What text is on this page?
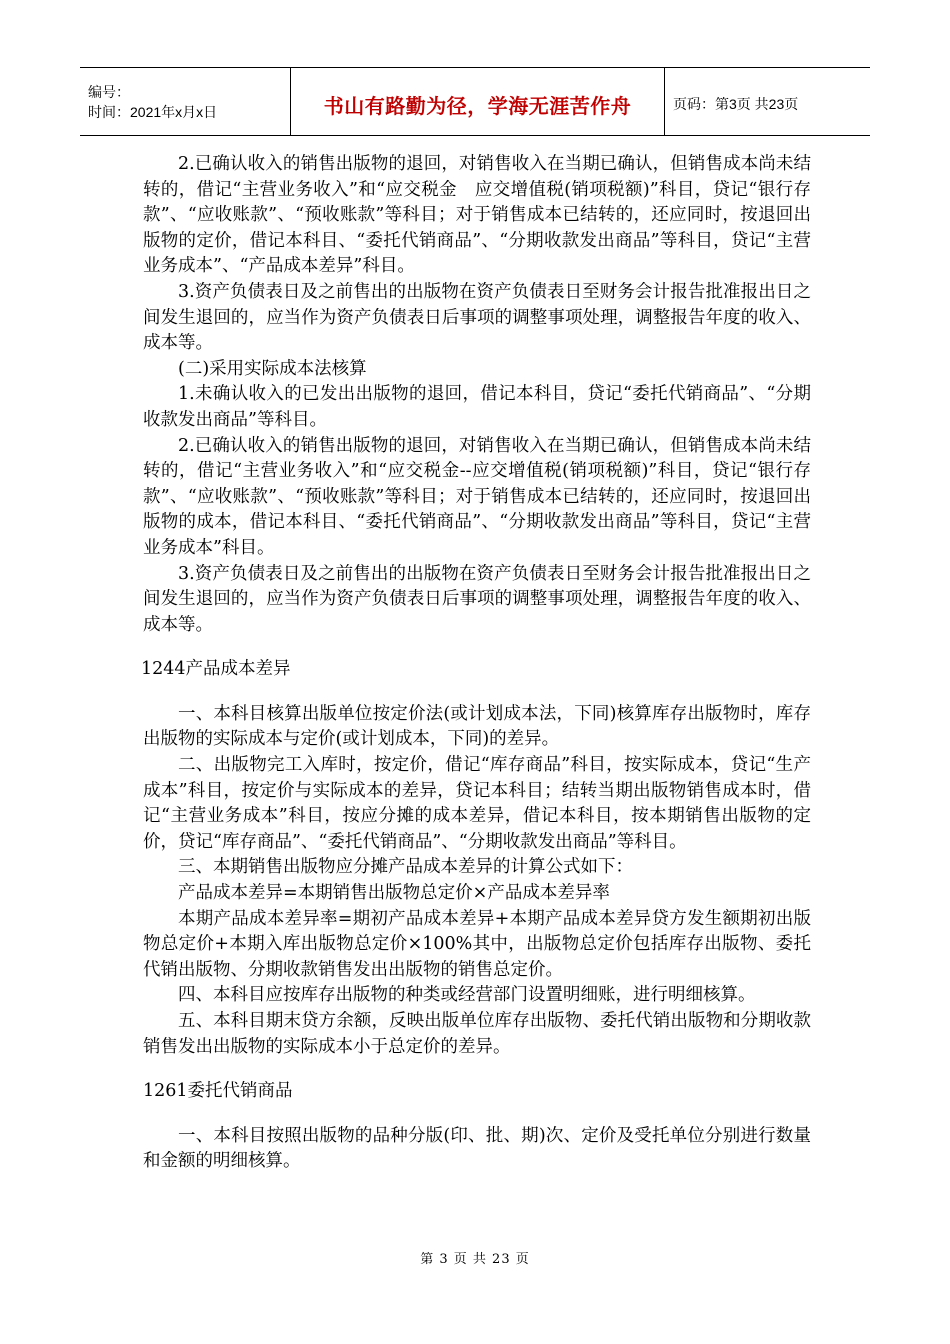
编号：
时间：2021年x月x日	书山有路勤为径，学海无涯苦作舟	页码：第3页 共23页

2.已确认收入的销售出版物的退回，对销售收入在当期已确认，但销售成本尚未结转的，借记“主营业务收入”和“应交税金　应交增值税(销项税额)”科目，贷记“银行存款”、“应收账款”、“预收账款”等科目；对于销售成本已结转的，还应同时，按退回出版物的定价，借记本科目、“委托代销商品”、“分期收款发出商品”等科目，贷记“主营业务成本”、“产品成本差异”科目。

3.资产负债表日及之前售出的出版物在资产负债表日至财务会计报告批准报出日之间发生退回的，应当作为资产负债表日后事项的调整事项处理，调整报告年度的收入、成本等。

(二)采用实际成本法核算

1.未确认收入的已发出出版物的退回，借记本科目，贷记“委托代销商品”、“分期收款发出商品”等科目。

2.已确认收入的销售出版物的退回，对销售收入在当期已确认，但销售成本尚未结转的，借记“主营业务收入”和“应交税金--应交增值税(销项税额)”科目，贷记“银行存款”、“应收账款”、“预收账款”等科目；对于销售成本已结转的，还应同时，按退回出版物的成本，借记本科目、“委托代销商品”、“分期收款发出商品”等科目，贷记“主营业务成本”科目。

3.资产负债表日及之前售出的出版物在资产负债表日至财务会计报告批准报出日之间发生退回的，应当作为资产负债表日后事项的调整事项处理，调整报告年度的收入、成本等。

1244产品成本差异

一、本科目核算出版单位按定价法(或计划成本法，下同)核算库存出版物时，库存出版物的实际成本与定价(或计划成本，下同)的差异。

二、出版物完工入库时，按定价，借记“库存商品”科目，按实际成本，贷记“生产成本”科目，按定价与实际成本的差异，贷记本科目；结转当期出版物销售成本时，借记“主营业务成本”科目，按应分摊的成本差异，借记本科目，按本期销售出版物的定价，贷记“库存商品”、“委托代销商品”、“分期收款发出商品”等科目。

三、本期销售出版物应分摊产品成本差异的计算公式如下：

产品成本差异=本期销售出版物总定价×产品成本差异率

本期产品成本差异率=期初产品成本差异+本期产品成本差异贷方发生额期初出版物总定价+本期入库出版物总定价×100%其中，出版物总定价包括库存出版物、委托代销出版物、分期收款销售发出出版物的销售总定价。

四、本科目应按库存出版物的种类或经营部门设置明细账，进行明细核算。

五、本科目期末贷方余额，反映出版单位库存出版物、委托代销出版物和分期收款销售发出出版物的实际成本小于总定价的差异。

1261委托代销商品

一、本科目按照出版物的品种分版(印、批、期)次、定价及受托单位分别进行数量和金额的明细核算。

第 3 页 共 23 页
